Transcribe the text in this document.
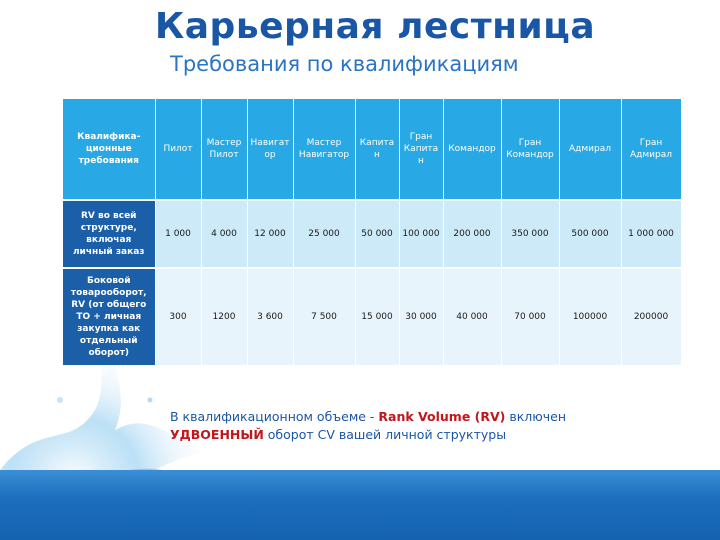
Карьерная лестница
Требования по квалификациям
Квалифика-ционные требования	Пилот	Мастер Пилот	Навигатор	Мастер Навигатор	Капитан	Гран Капитан	Командор	Гран Командор	Адмирал	Гран Адмирал
RV во всей структуре, включая личный заказ	1 000	4 000	12 000	25 000	50 000	100 000	200 000	350 000	500 000	1 000 000
Боковой товарооборот, RV (от общего ТО + личная закупка как отдельный оборот)	300	1200	3 600	7 500	15 000	30 000	40 000	70 000	100000	200000
В квалификационном объеме - Rank Volume (RV) включен
УДВОЕННЫЙ оборот CV вашей личной структуры
